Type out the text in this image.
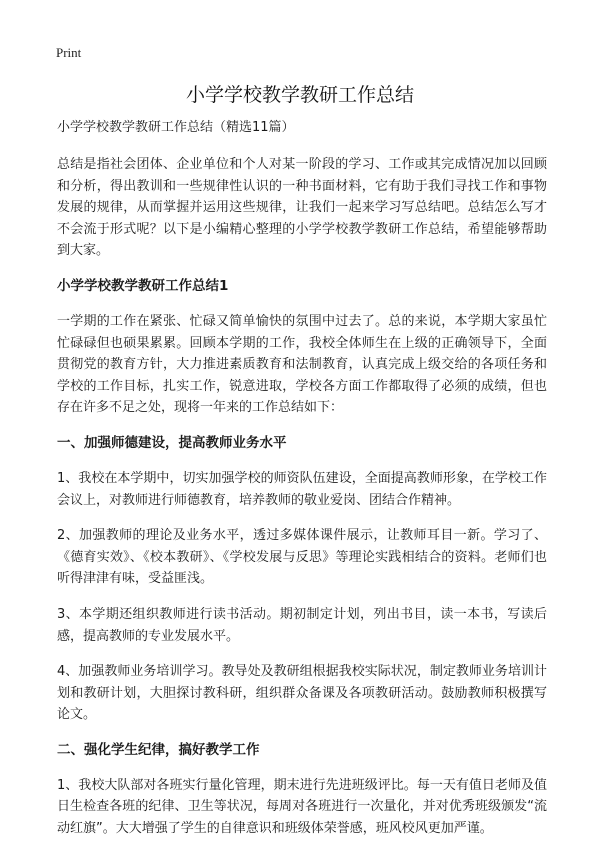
Print
小学学校教学教研工作总结

小学学校教学教研工作总结（精选11篇）

总结是指社会团体、企业单位和个人对某一阶段的学习、工作或其完成情况加以回顾和分析，得出教训和一些规律性认识的一种书面材料，它有助于我们寻找工作和事物发展的规律，从而掌握并运用这些规律，让我们一起来学习写总结吧。总结怎么写才不会流于形式呢？以下是小编精心整理的小学学校教学教研工作总结，希望能够帮助到大家。

小学学校教学教研工作总结1

一学期的工作在紧张、忙碌又简单愉快的氛围中过去了。总的来说，本学期大家虽忙忙碌碌但也硕果累累。回顾本学期的工作，我校全体师生在上级的正确领导下，全面贯彻党的教育方针，大力推进素质教育和法制教育，认真完成上级交给的各项任务和学校的工作目标，扎实工作，锐意进取，学校各方面工作都取得了必须的成绩，但也存在许多不足之处，现将一年来的工作总结如下：

一、加强师德建设，提高教师业务水平

1、我校在本学期中，切实加强学校的师资队伍建设，全面提高教师形象，在学校工作会议上，对教师进行师德教育，培养教师的敬业爱岗、团结合作精神。

2、加强教师的理论及业务水平，透过多媒体课件展示，让教师耳目一新。学习了、《德育实效》、《校本教研》、《学校发展与反思》等理论实践相结合的资料。老师们也听得津津有味，受益匪浅。

3、本学期还组织教师进行读书活动。期初制定计划，列出书目，读一本书，写读后感，提高教师的专业发展水平。

4、加强教师业务培训学习。教导处及教研组根据我校实际状况，制定教师业务培训计划和教研计划，大胆探讨教科研，组织群众备课及各项教研活动。鼓励教师积极撰写论文。

二、强化学生纪律，搞好教学工作

1、我校大队部对各班实行量化管理，期末进行先进班级评比。每一天有值日老师及值日生检查各班的纪律、卫生等状况，每周对各班进行一次量化，并对优秀班级颁发“流动红旗”。大大增强了学生的自律意识和班级体荣誉感，班风校风更加严谨。
